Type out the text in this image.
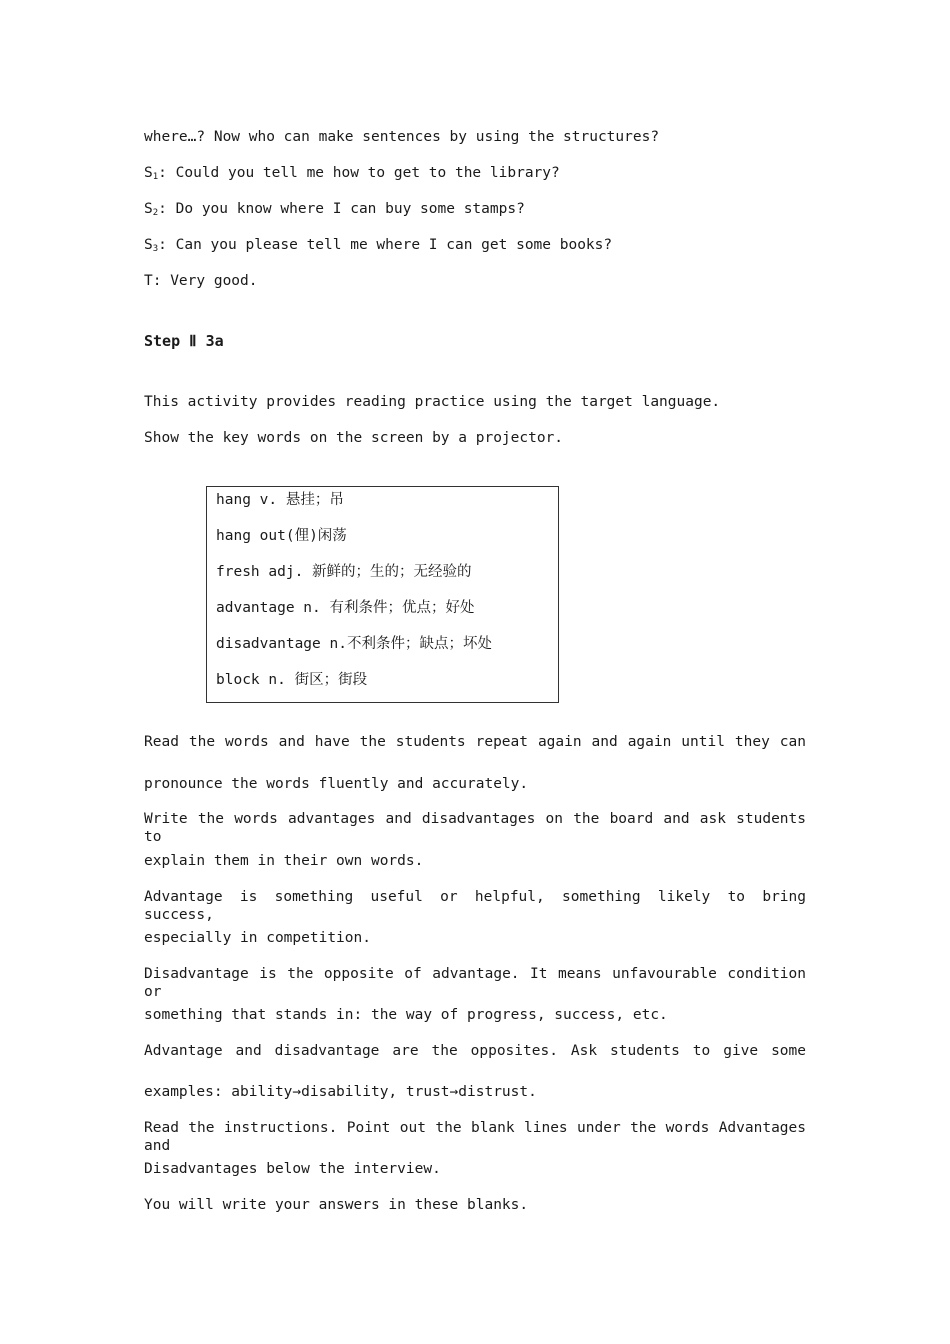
where…? Now who can make sentences by using the structures?
$S_1$: Could you tell me how to get to the library?
$S_2$: Do you know where I can buy some stamps?
$S_3$: Can you please tell me where I can get some books?
T: Very good.
Step Ⅱ 3a
This activity provides reading practice using the target language.
Show the key words on the screen by a projector.
hang v. 悬挂；吊
hang out(俚)闲荡
fresh adj. 新鲜的；生的；无经验的
advantage n. 有利条件；优点；好处
disadvantage n.不利条件；缺点；坏处
block n. 街区；街段
Read the words and have the students repeat again and again until they can
pronounce the words fluently and accurately.
Write the words advantages and disadvantages on the board and ask students to
explain them in their own words.
Advantage is something useful or helpful, something likely to bring success,
especially in competition.
Disadvantage is the opposite of advantage. It means unfavourable condition or
something that stands in: the way of progress, success, etc.
Advantage and disadvantage are the opposites. Ask students to give some
examples: ability→disability, trust→distrust.
Read the instructions. Point out the blank lines under the words Advantages and
Disadvantages below the interview.
You will write your answers in these blanks.
